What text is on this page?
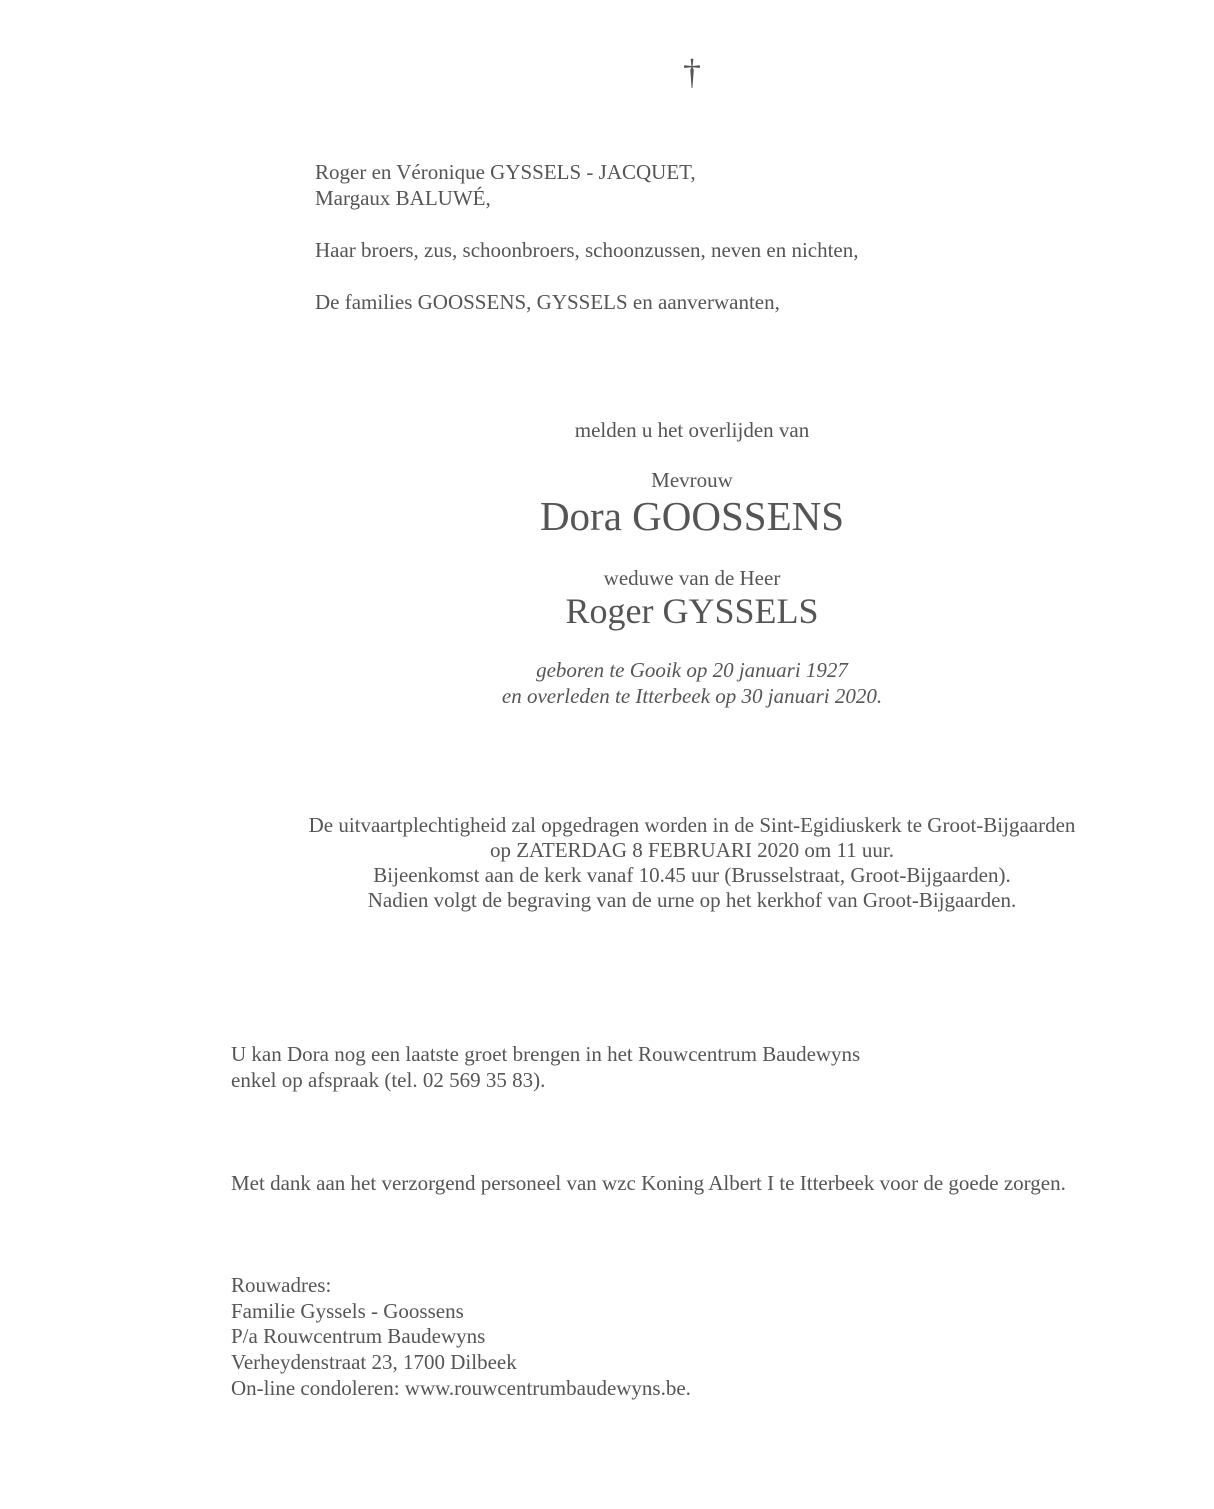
†
Roger en Véronique GYSSELS - JACQUET,
Margaux BALUWÉ,
Haar broers, zus, schoonbroers, schoonzussen, neven en nichten,
De families GOOSSENS, GYSSELS en aanverwanten,
melden u het overlijden van
Mevrouw
Dora GOOSSENS
weduwe van de Heer
Roger GYSSELS
geboren te Gooik op 20 januari 1927
en overleden te Itterbeek op 30 januari 2020.
De uitvaartplechtigheid zal opgedragen worden in de Sint-Egidiuskerk te Groot-Bijgaarden
op ZATERDAG 8 FEBRUARI 2020 om 11 uur.
Bijeenkomst aan de kerk vanaf 10.45 uur (Brusselstraat, Groot-Bijgaarden).
Nadien volgt de begraving van de urne op het kerkhof van Groot-Bijgaarden.
U kan Dora nog een laatste groet brengen in het Rouwcentrum Baudewyns
enkel op afspraak (tel. 02 569 35 83).
Met dank aan het verzorgend personeel van wzc Koning Albert I te Itterbeek voor de goede zorgen.
Rouwadres:
Familie Gyssels - Goossens
P/a Rouwcentrum Baudewyns
Verheydenstraat 23, 1700 Dilbeek
On-line condoleren: www.rouwcentrumbaudewyns.be.
